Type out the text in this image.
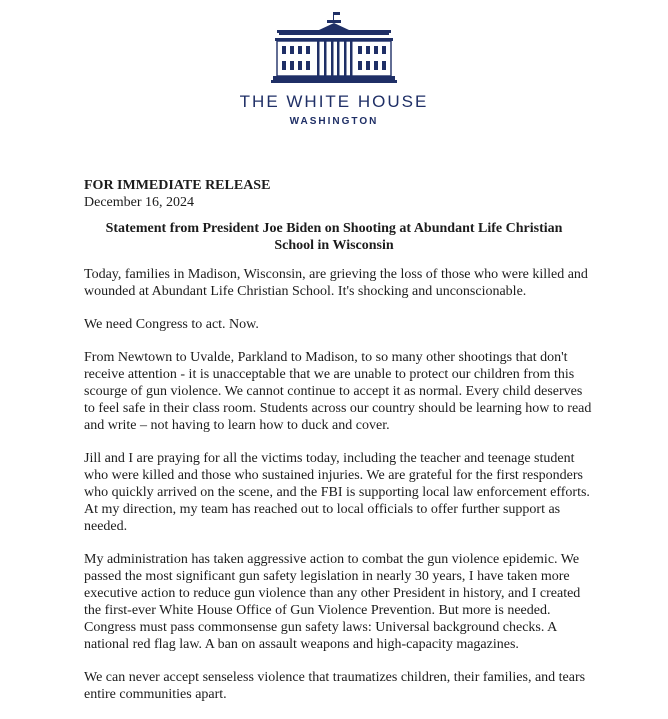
THE WHITE HOUSE
WASHINGTON
FOR IMMEDIATE RELEASE
December 16, 2024
Statement from President Joe Biden on Shooting at Abundant Life Christian School in Wisconsin

Today, families in Madison, Wisconsin, are grieving the loss of those who were killed and wounded at Abundant Life Christian School. It's shocking and unconscionable.

We need Congress to act. Now.

From Newtown to Uvalde, Parkland to Madison, to so many other shootings that don't receive attention - it is unacceptable that we are unable to protect our children from this scourge of gun violence. We cannot continue to accept it as normal. Every child deserves to feel safe in their class room. Students across our country should be learning how to read and write – not having to learn how to duck and cover.

Jill and I are praying for all the victims today, including the teacher and teenage student who were killed and those who sustained injuries. We are grateful for the first responders who quickly arrived on the scene, and the FBI is supporting local law enforcement efforts. At my direction, my team has reached out to local officials to offer further support as needed.

My administration has taken aggressive action to combat the gun violence epidemic. We passed the most significant gun safety legislation in nearly 30 years, I have taken more executive action to reduce gun violence than any other President in history, and I created the first-ever White House Office of Gun Violence Prevention. But more is needed. Congress must pass commonsense gun safety laws: Universal background checks. A national red flag law. A ban on assault weapons and high-capacity magazines.

We can never accept senseless violence that traumatizes children, their families, and tears entire communities apart.
